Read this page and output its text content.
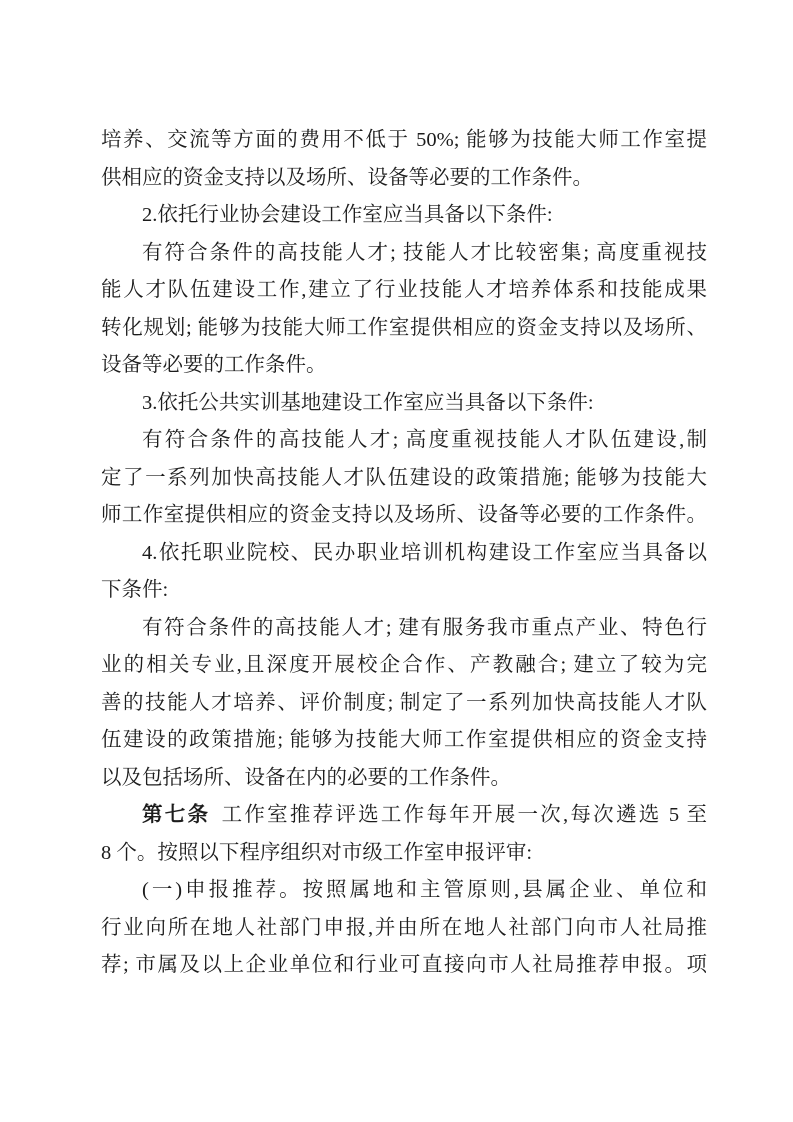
培养、交流等方面的费用不低于 50%; 能够为技能大师工作室提
供相应的资金支持以及场所、设备等必要的工作条件。
2.依托行业协会建设工作室应当具备以下条件:
有符合条件的高技能人才; 技能人才比较密集; 高度重视技
能人才队伍建设工作,建立了行业技能人才培养体系和技能成果
转化规划; 能够为技能大师工作室提供相应的资金支持以及场所、
设备等必要的工作条件。
3.依托公共实训基地建设工作室应当具备以下条件:
有符合条件的高技能人才; 高度重视技能人才队伍建设,制
定了一系列加快高技能人才队伍建设的政策措施; 能够为技能大
师工作室提供相应的资金支持以及场所、设备等必要的工作条件。
4.依托职业院校、民办职业培训机构建设工作室应当具备以
下条件:
有符合条件的高技能人才; 建有服务我市重点产业、特色行
业的相关专业,且深度开展校企合作、产教融合; 建立了较为完
善的技能人才培养、评价制度; 制定了一系列加快高技能人才队
伍建设的政策措施; 能够为技能大师工作室提供相应的资金支持
以及包括场所、设备在内的必要的工作条件。
第七条 工作室推荐评选工作每年开展一次,每次遴选 5 至
8 个。按照以下程序组织对市级工作室申报评审:
(一)申报推荐。按照属地和主管原则,县属企业、单位和
行业向所在地人社部门申报,并由所在地人社部门向市人社局推
荐; 市属及以上企业单位和行业可直接向市人社局推荐申报。项
